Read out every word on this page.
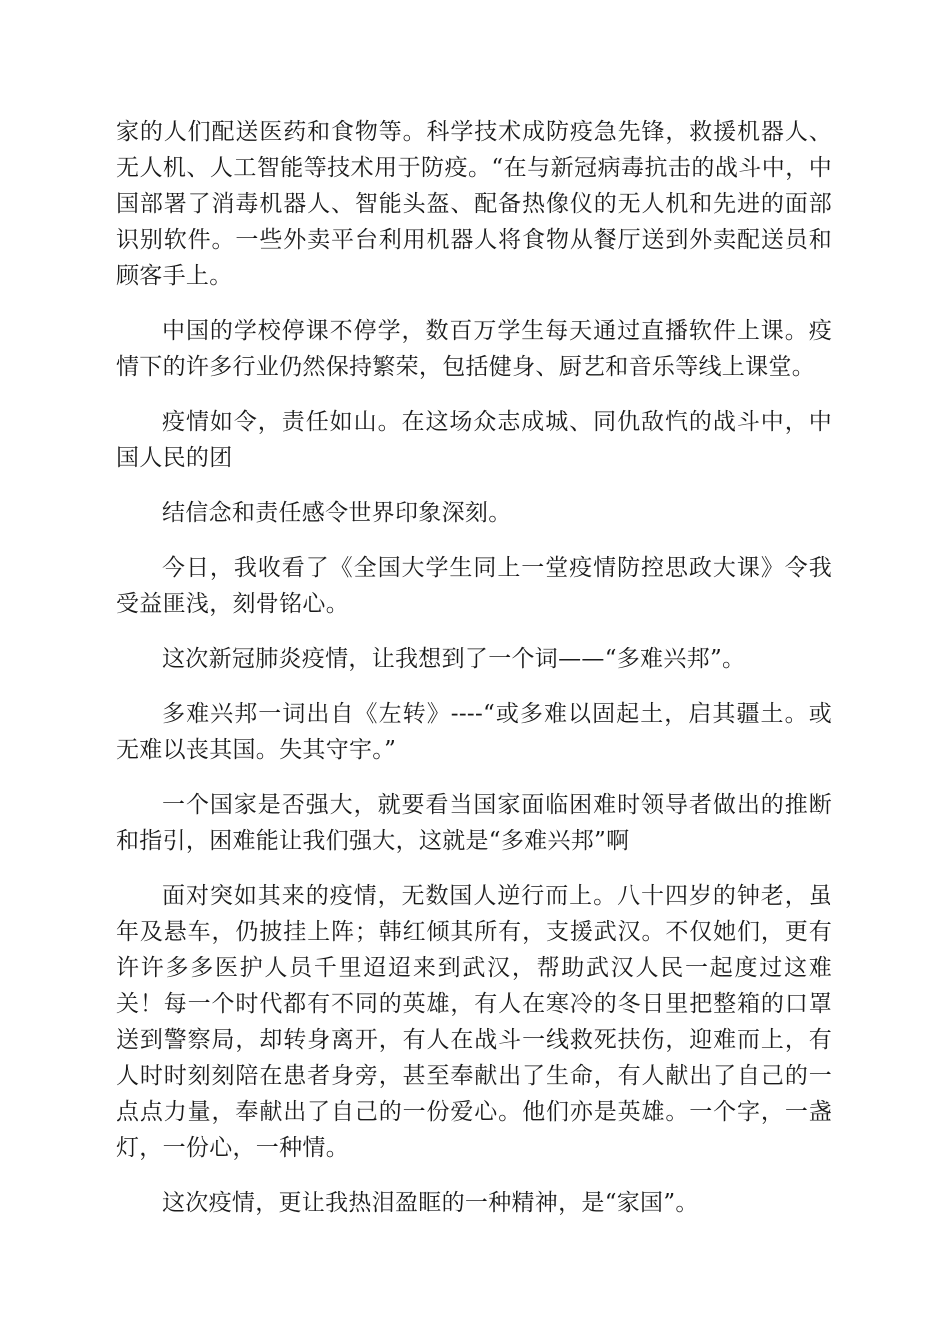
家的人们配送医药和食物等。科学技术成防疫急先锋，救援机器人、无人机、人工智能等技术用于防疫。“在与新冠病毒抗击的战斗中，中国部署了消毒机器人、智能头盔、配备热像仪的无人机和先进的面部识别软件。一些外卖平台利用机器人将食物从餐厅送到外卖配送员和顾客手上。

中国的学校停课不停学，数百万学生每天通过直播软件上课。疫情下的许多行业仍然保持繁荣，包括健身、厨艺和音乐等线上课堂。

疫情如令，责任如山。在这场众志成城、同仇敌忾的战斗中，中国人民的团

结信念和责任感令世界印象深刻。

今日，我收看了《全国大学生同上一堂疫情防控思政大课》令我受益匪浅，刻骨铭心。

这次新冠肺炎疫情，让我想到了一个词——“多难兴邦”。

多难兴邦一词出自《左转》----“或多难以固起土，启其疆土。或无难以丧其国。失其守宇。”

一个国家是否强大，就要看当国家面临困难时领导者做出的推断和指引，困难能让我们强大，这就是“多难兴邦”啊

面对突如其来的疫情，无数国人逆行而上。八十四岁的钟老，虽年及悬车，仍披挂上阵；韩红倾其所有，支援武汉。不仅她们，更有许许多多医护人员千里迢迢来到武汉，帮助武汉人民一起度过这难关！每一个时代都有不同的英雄，有人在寒冷的冬日里把整箱的口罩送到警察局，却转身离开，有人在战斗一线救死扶伤，迎难而上，有人时时刻刻陪在患者身旁，甚至奉献出了生命，有人献出了自己的一点点力量，奉献出了自己的一份爱心。他们亦是英雄。一个字，一盏灯，一份心，一种情。

这次疫情，更让我热泪盈眶的一种精神，是“家国”。
